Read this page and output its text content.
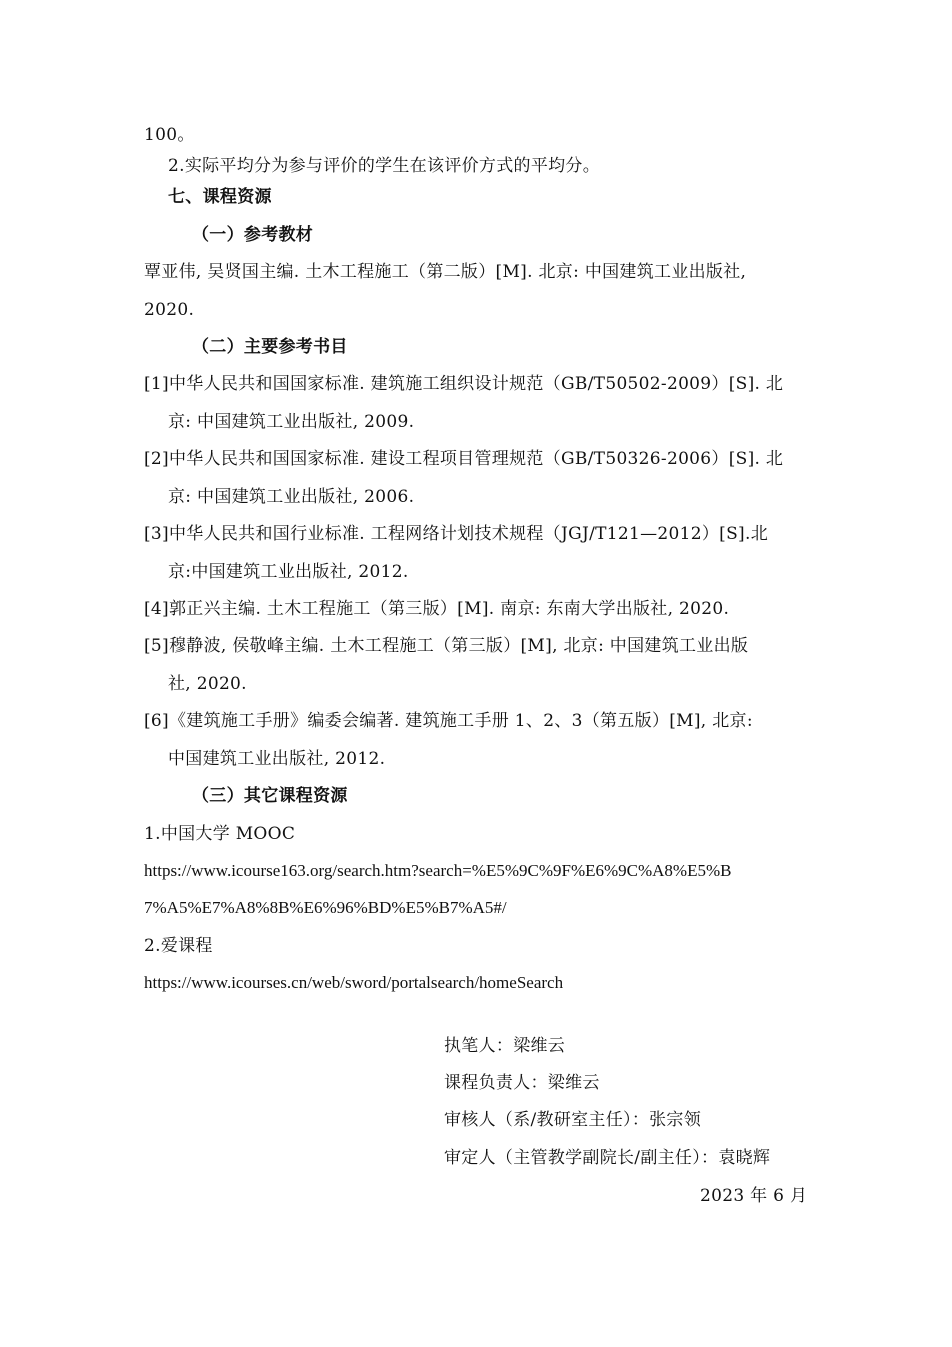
100。
2.实际平均分为参与评价的学生在该评价方式的平均分。
七、课程资源
（一）参考教材
覃亚伟, 吴贤国主编. 土木工程施工（第二版）[M]. 北京: 中国建筑工业出版社,
2020.
（二）主要参考书目
[1]中华人民共和国国家标准. 建筑施工组织设计规范（GB/T50502-2009）[S]. 北
京: 中国建筑工业出版社, 2009.
[2]中华人民共和国国家标准. 建设工程项目管理规范（GB/T50326-2006）[S]. 北
京: 中国建筑工业出版社, 2006.
[3]中华人民共和国行业标准. 工程网络计划技术规程（JGJ/T121—2012）[S].北
京:中国建筑工业出版社, 2012.
[4]郭正兴主编. 土木工程施工（第三版）[M]. 南京: 东南大学出版社, 2020.
[5]穆静波, 侯敬峰主编. 土木工程施工（第三版）[M], 北京: 中国建筑工业出版
社, 2020.
[6]《建筑施工手册》编委会编著. 建筑施工手册 1、2、3（第五版）[M], 北京:
中国建筑工业出版社, 2012.
（三）其它课程资源
1.中国大学 MOOC
https://www.icourse163.org/search.htm?search=%E5%9C%9F%E6%9C%A8%E5%B
7%A5%E7%A8%8B%E6%96%BD%E5%B7%A5#/
2.爱课程
https://www.icourses.cn/web/sword/portalsearch/homeSearch
执笔人：梁维云
课程负责人：梁维云
审核人（系/教研室主任）：张宗领
审定人（主管教学副院长/副主任）：袁晓辉
2023 年 6 月
